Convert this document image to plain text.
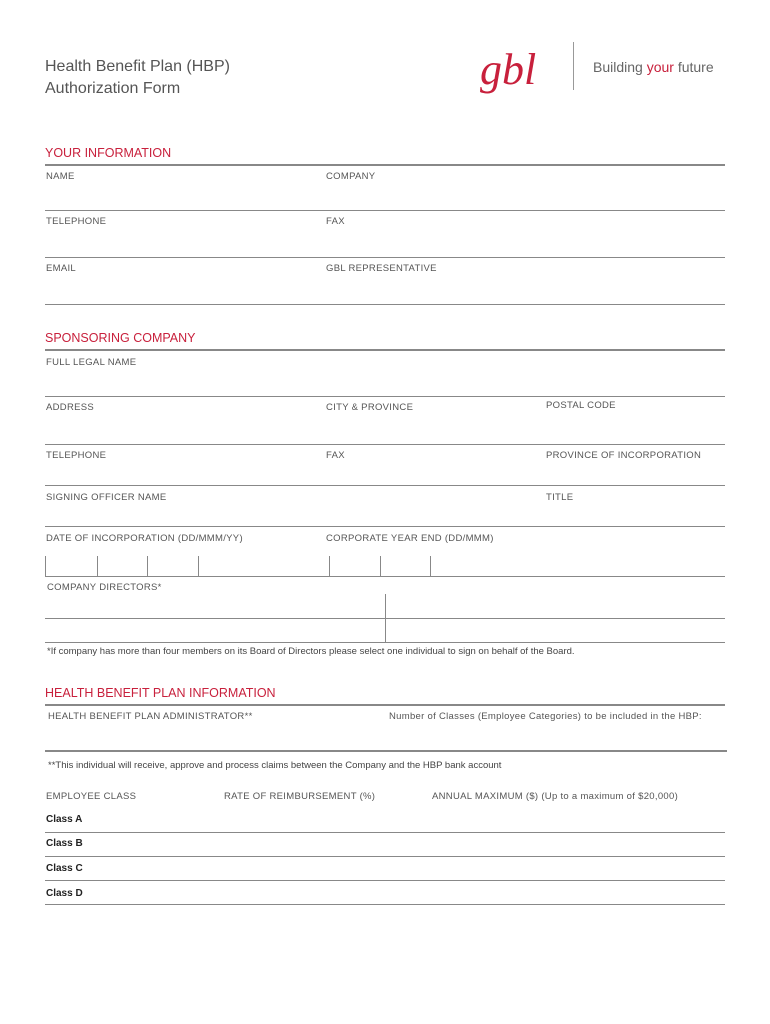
Health Benefit Plan (HBP)
Authorization Form	gbl	Building your future
YOUR INFORMATION
NAME	COMPANY
TELEPHONE	FAX
EMAIL	GBL REPRESENTATIVE
SPONSORING COMPANY
FULL LEGAL NAME
ADDRESS	CITY & PROVINCE	POSTAL CODE
TELEPHONE	FAX	PROVINCE OF INCORPORATION
SIGNING OFFICER NAME	TITLE
DATE OF INCORPORATION (DD/MMM/YY)	CORPORATE YEAR END (DD/MMM)
COMPANY DIRECTORS*
*If company has more than four members on its Board of Directors please select one individual to sign on behalf of the Board.
HEALTH BENEFIT PLAN INFORMATION
HEALTH BENEFIT PLAN ADMINISTRATOR**	Number of Classes (Employee Categories) to be included in the HBP:
**This individual will receive, approve and process claims between the Company and the HBP bank account
EMPLOYEE CLASS	RATE OF REIMBURSEMENT (%)	ANNUAL MAXIMUM ($) (Up to a maximum of $20,000)
Class A
Class B
Class C
Class D
